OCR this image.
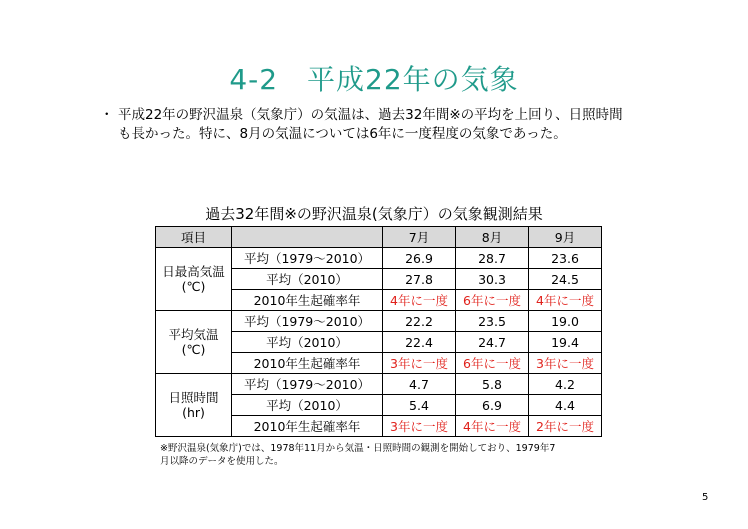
4-2　平成22年の気象
・ 平成22年の野沢温泉（気象庁）の気温は、過去32年間※の平均を上回り、日照時間
も長かった。特に、8月の気温については6年に一度程度の気象であった。
過去32年間※の野沢温泉(気象庁）の気象観測結果
項目		7月	8月	9月
日最高気温
(℃)	平均（1979〜2010）	26.9	28.7	23.6
	平均（2010）	27.8	30.3	24.5
	2010年生起確率年	4年に一度	6年に一度	4年に一度
平均気温
(℃)	平均（1979〜2010）	22.2	23.5	19.0
	平均（2010）	22.4	24.7	19.4
	2010年生起確率年	3年に一度	6年に一度	3年に一度
日照時間
(hr)	平均（1979〜2010）	4.7	5.8	4.2
	平均（2010）	5.4	6.9	4.4
	2010年生起確率年	3年に一度	4年に一度	2年に一度
※野沢温泉(気象庁)では、1978年11月から気温・日照時間の観測を開始しており、1979年7
月以降のデータを使用した。
5
